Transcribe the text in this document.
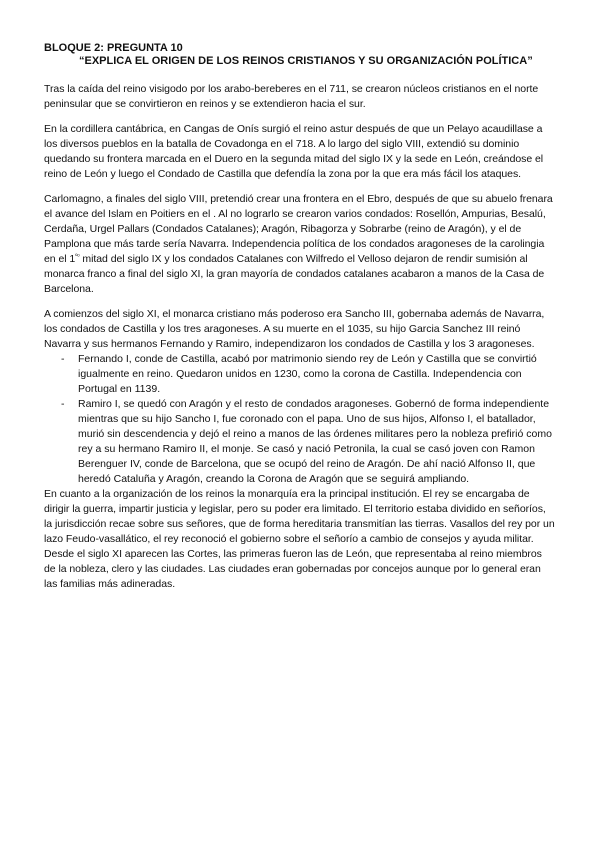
BLOQUE 2: PREGUNTA 10

“EXPLICA EL ORIGEN DE LOS REINOS CRISTIANOS Y SU ORGANIZACIÓN POLÍTICA”

Tras la caída del reino visigodo por los arabo-bereberes en el 711, se crearon núcleos cristianos en el norte peninsular que se convirtieron en reinos y se extendieron hacia el sur.

En la cordillera cantábrica, en Cangas de Onís surgió el reino astur después de que un Pelayo acaudillase a los diversos pueblos en la batalla de Covadonga en el 718. A lo largo del siglo VIII, extendió su dominio quedando su frontera marcada en el Duero en la segunda mitad del siglo IX y la sede en León, creándose el reino de León y luego el Condado de Castilla que defendía la zona por la que era más fácil los ataques.

Carlomagno, a finales del siglo VIII, pretendió crear una frontera en el Ebro, después de que su abuelo frenara el avance del Islam en Poitiers en el . Al no lograrlo se crearon varios condados: Rosellón, Ampurias, Besalú, Cerdaña, Urgel Pallars (Condados Catalanes); Aragón, Ribagorza y Sobrarbe (reino de Aragón), y el de Pamplona que más tarde sería Navarra. Independencia política de los condados aragoneses de la carolingia en el $1^{ºᵒ}$ mitad del siglo IX y los condados Catalanes con Wilfredo el Velloso dejaron de rendir sumisión al monarca franco a final del siglo XI, la gran mayoría de condados catalanes acabaron a manos de la Casa de Barcelona.

A comienzos del siglo XI, el monarca cristiano más poderoso era Sancho III, gobernaba además de Navarra, los condados de Castilla y los tres aragoneses. A su muerte en el 1035, su hijo Garcia Sanchez III reinó Navarra y sus hermanos Fernando y Ramiro, independizaron los condados de Castilla y los 3 aragoneses.

- Fernando I, conde de Castilla, acabó por matrimonio siendo rey de León y Castilla que se convirtió igualmente en reino. Quedaron unidos en 1230, como la corona de Castilla. Independencia con Portugal en 1139.
- Ramiro I, se quedó con Aragón y el resto de condados aragoneses. Gobernó de forma independiente mientras que su hijo Sancho I, fue coronado con el papa. Uno de sus hijos, Alfonso I, el batallador, murió sin descendencia y dejó el reino a manos de las órdenes militares pero la nobleza prefirió como rey a su hermano Ramiro II, el monje. Se casó y nació Petronila, la cual se casó joven con Ramon Berenguer IV, conde de Barcelona, que se ocupó del reino de Aragón. De ahí nació Alfonso II, que heredó Cataluña y Aragón, creando la Corona de Aragón que se seguirá ampliando.

En cuanto a la organización de los reinos la monarquía era la principal institución. El rey se encargaba de dirigir la guerra, impartir justicia y legislar, pero su poder era limitado. El territorio estaba dividido en señoríos, la jurisdicción recae sobre sus señores, que de forma hereditaria transmitían las tierras. Vasallos del rey por un lazo Feudo-vasallático, el rey reconoció el gobierno sobre el señorío a cambio de consejos y ayuda militar. Desde el siglo XI aparecen las Cortes, las primeras fueron las de León, que representaba al reino miembros de la nobleza, clero y las ciudades. Las ciudades eran gobernadas por concejos aunque por lo general eran las familias más adineradas.
